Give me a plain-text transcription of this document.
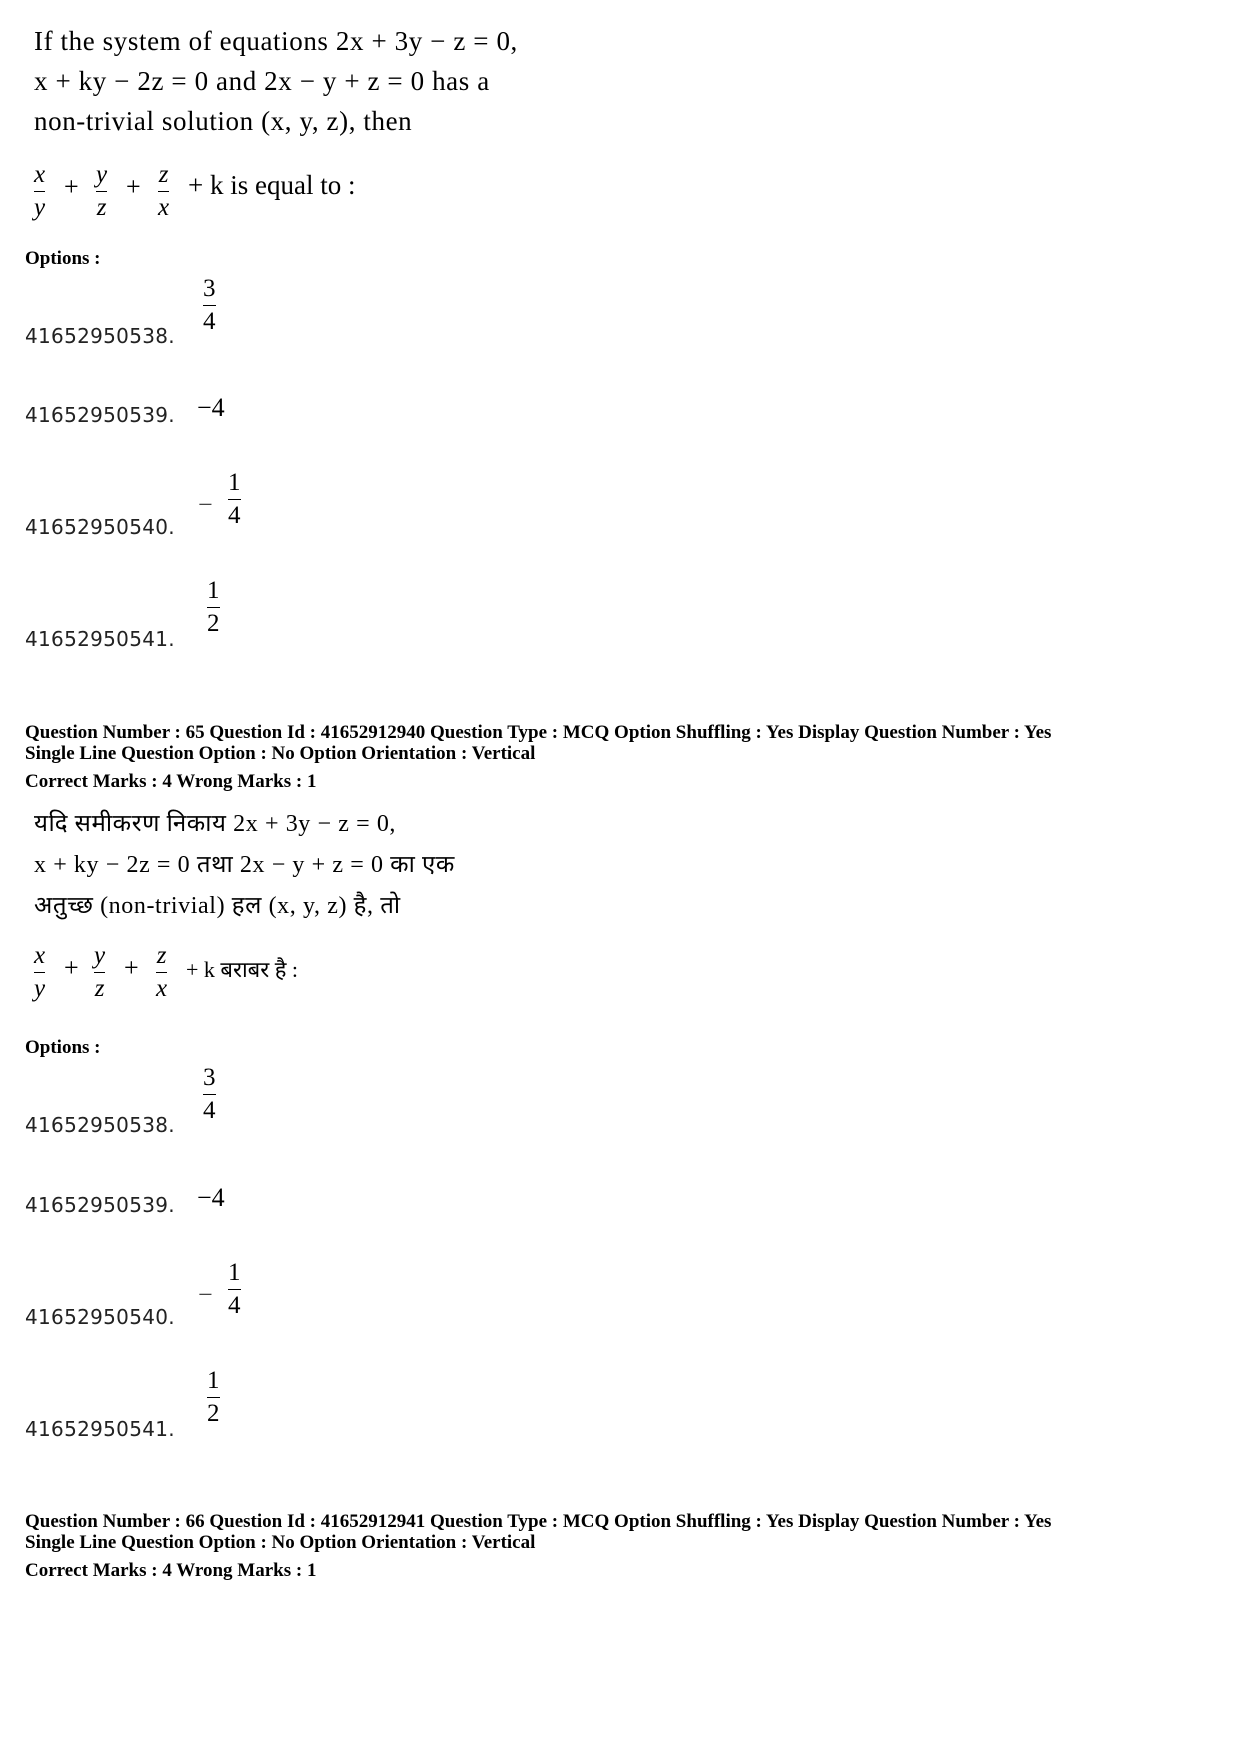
If the system of equations 2x + 3y − z = 0,
x + ky − 2z = 0 and 2x − y + z = 0 has a
non-trivial solution (x, y, z), then
x
y
+ y
z
+ z
x
+ k is equal to :
Options :
41652950538.
3
4
41652950539. −4
41652950540.
−
1
4
41652950541.
1
2
Question Number : 65 Question Id : 41652912940 Question Type : MCQ Option Shuffling : Yes Display Question Number : Yes
Single Line Question Option : No Option Orientation : Vertical
Correct Marks : 4 Wrong Marks : 1
यदि समीकरण निकाय 2x + 3y − z = 0,
x + ky − 2z = 0 तथा 2x − y + z = 0 का एक
अतुच्छ (non-trivial) हल (x, y, z) है, तो
x
y
+ y
z
+ z
x
+ k बराबर है :
Options :
41652950538.
3
4
41652950539. −4
41652950540.
−
1
4
41652950541.
1
2
Question Number : 66 Question Id : 41652912941 Question Type : MCQ Option Shuffling : Yes Display Question Number : Yes
Single Line Question Option : No Option Orientation : Vertical
Correct Marks : 4 Wrong Marks : 1
